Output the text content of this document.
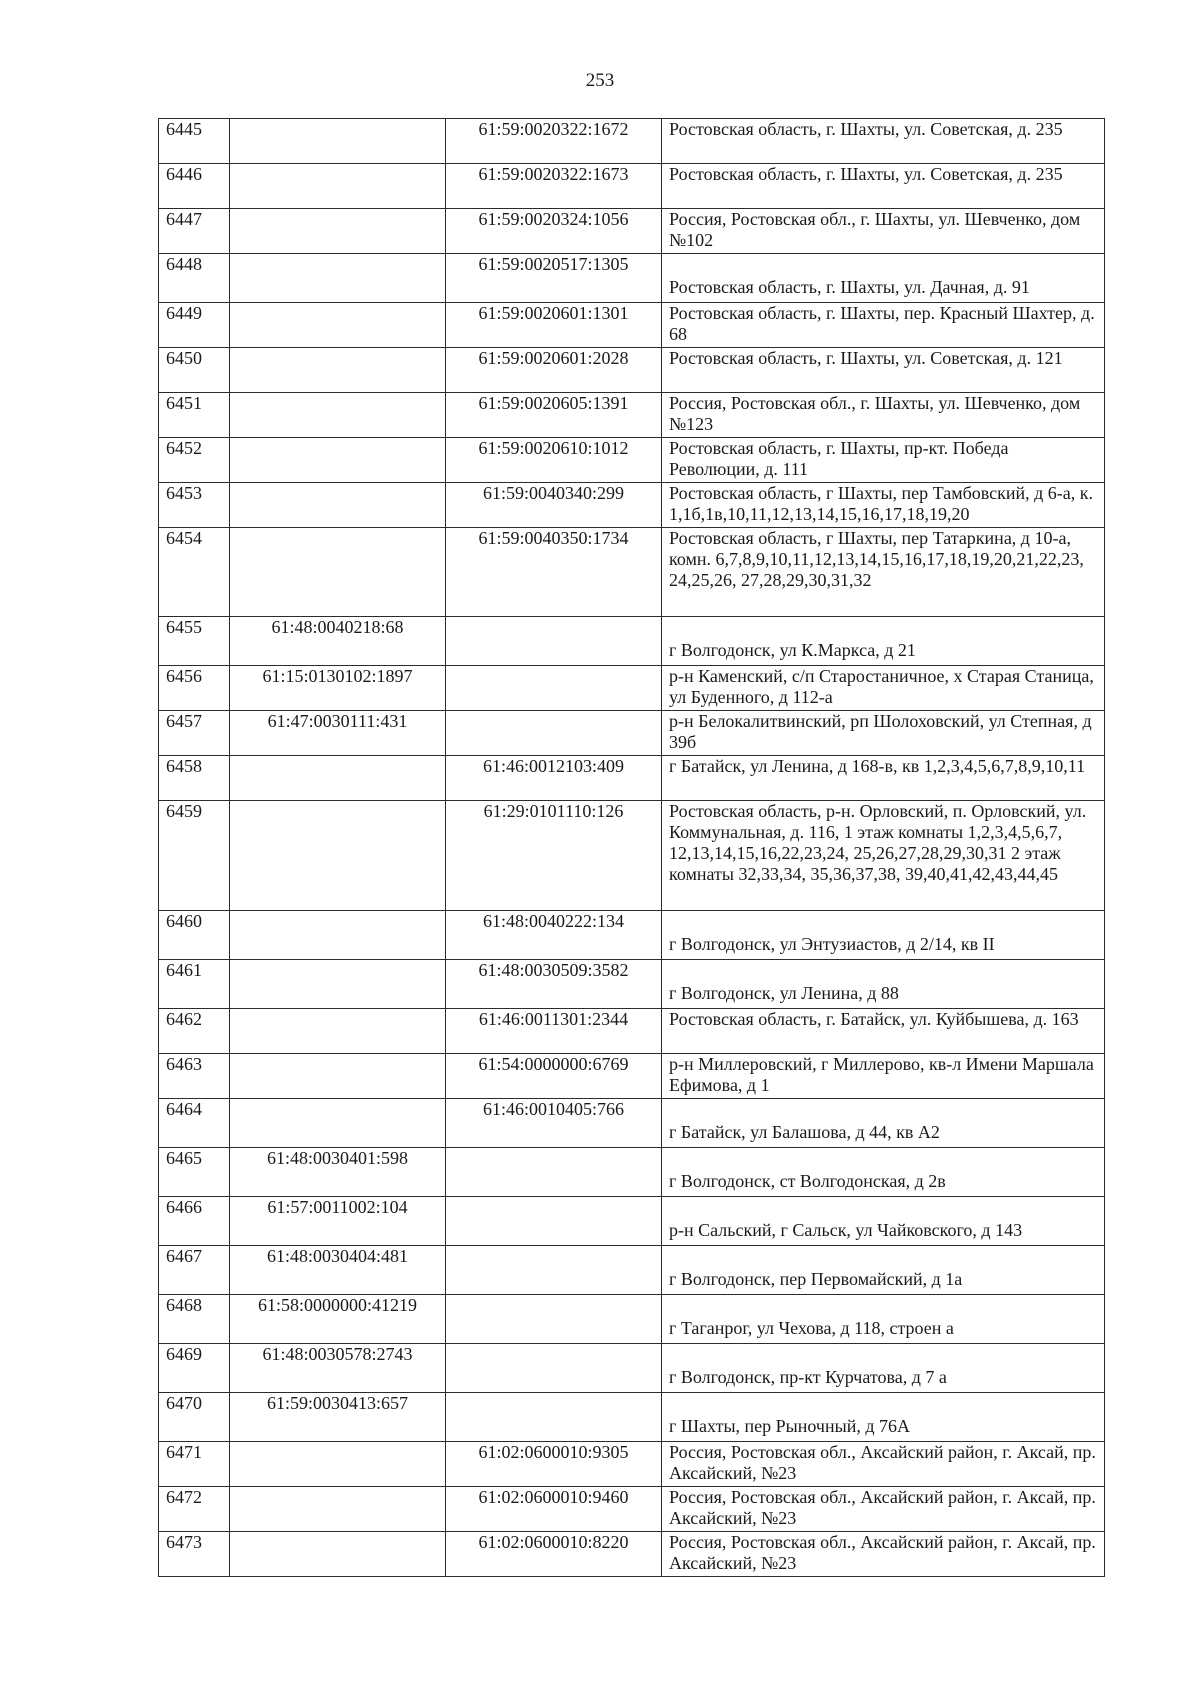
253
6445		61:59:0020322:1672	Ростовская область, г. Шахты, ул. Советская, д. 235
6446		61:59:0020322:1673	Ростовская область, г. Шахты, ул. Советская, д. 235
6447		61:59:0020324:1056	Россия, Ростовская обл., г. Шахты, ул. Шевченко, дом №102
6448		61:59:0020517:1305	Ростовская область, г. Шахты, ул. Дачная, д. 91
6449		61:59:0020601:1301	Ростовская область, г. Шахты, пер. Красный Шахтер, д. 68
6450		61:59:0020601:2028	Ростовская область, г. Шахты, ул. Советская, д. 121
6451		61:59:0020605:1391	Россия, Ростовская обл., г. Шахты, ул. Шевченко, дом №123
6452		61:59:0020610:1012	Ростовская область, г. Шахты, пр-кт. Победа Революции, д. 111
6453		61:59:0040340:299	Ростовская область, г Шахты, пер Тамбовский, д 6-а, к. 1,1б,1в,10,11,12,13,14,15,16,17,18,19,20
6454		61:59:0040350:1734	Ростовская область, г Шахты, пер Татаркина, д 10-а, комн. 6,7,8,9,10,11,12,13,14,15,16,17,18,19,20,21,22,23, 24,25,26, 27,28,29,30,31,32
6455	61:48:0040218:68		г Волгодонск, ул К.Маркса, д 21
6456	61:15:0130102:1897		р-н Каменский, с/п Старостаничное, х Старая Станица, ул Буденного, д 112-а
6457	61:47:0030111:431		р-н Белокалитвинский, рп Шолоховский, ул Степная, д 39б
6458		61:46:0012103:409	г Батайск, ул Ленина, д 168-в, кв 1,2,3,4,5,6,7,8,9,10,11
6459		61:29:0101110:126	Ростовская область, р-н. Орловский, п. Орловский, ул. Коммунальная, д. 116, 1 этаж комнаты 1,2,3,4,5,6,7, 12,13,14,15,16,22,23,24, 25,26,27,28,29,30,31 2 этаж комнаты 32,33,34, 35,36,37,38, 39,40,41,42,43,44,45
6460		61:48:0040222:134	г Волгодонск, ул Энтузиастов, д 2/14, кв II
6461		61:48:0030509:3582	г Волгодонск, ул Ленина, д 88
6462		61:46:0011301:2344	Ростовская область, г. Батайск, ул. Куйбышева, д. 163
6463		61:54:0000000:6769	р-н Миллеровский, г Миллерово, кв-л Имени Маршала Ефимова, д 1
6464		61:46:0010405:766	г Батайск, ул Балашова, д 44, кв А2
6465	61:48:0030401:598		г Волгодонск, ст Волгодонская, д 2в
6466	61:57:0011002:104		р-н Сальский, г Сальск, ул Чайковского, д 143
6467	61:48:0030404:481		г Волгодонск, пер Первомайский, д 1а
6468	61:58:0000000:41219		г Таганрог, ул Чехова, д 118, строен а
6469	61:48:0030578:2743		г Волгодонск, пр-кт Курчатова, д 7 а
6470	61:59:0030413:657		г Шахты, пер Рыночный, д 76А
6471		61:02:0600010:9305	Россия, Ростовская обл., Аксайский район, г. Аксай, пр. Аксайский, №23
6472		61:02:0600010:9460	Россия, Ростовская обл., Аксайский район, г. Аксай, пр. Аксайский, №23
6473		61:02:0600010:8220	Россия, Ростовская обл., Аксайский район, г. Аксай, пр. Аксайский, №23
